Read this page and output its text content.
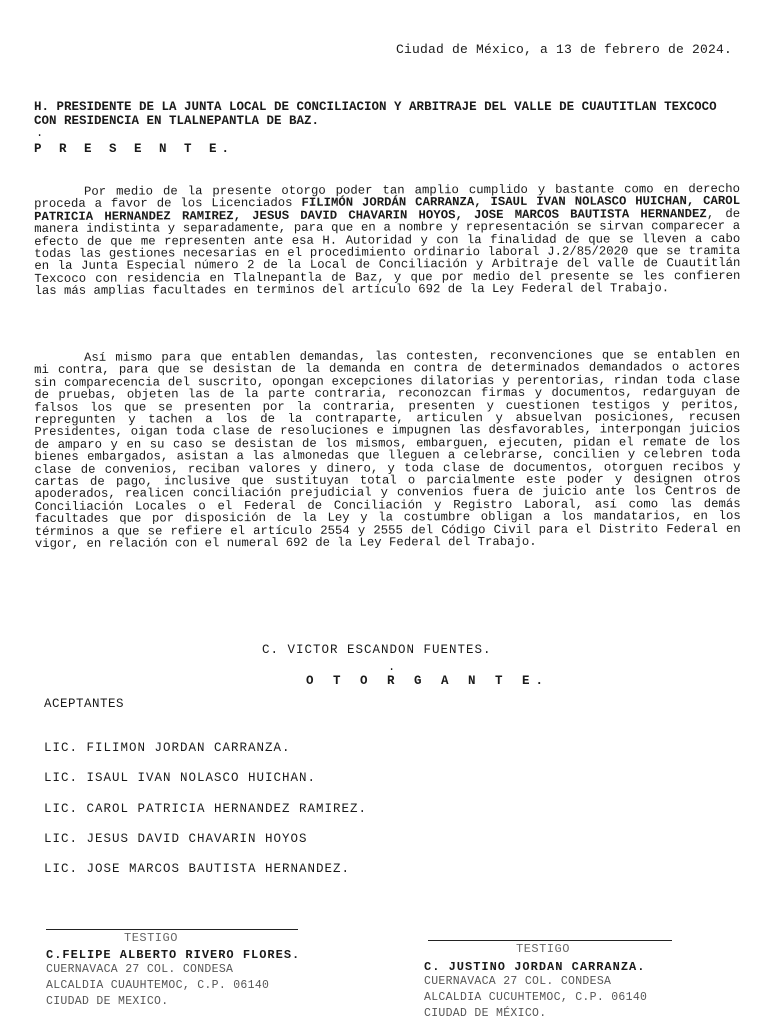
Ciudad de México, a 13 de febrero de 2024.
H. PRESIDENTE DE LA JUNTA LOCAL DE CONCILIACION Y ARBITRAJE DEL VALLE DE CUAUTITLAN TEXCOCO CON RESIDENCIA EN TLALNEPANTLA DE BAZ.
.
P R E S E N T E.

Por medio de la presente otorgo poder tan amplio cumplido y bastante como en derecho proceda a favor de los Licenciados FILIMÓN JORDÁN CARRANZA, ISAUL IVAN NOLASCO HUICHAN, CAROL PATRICIA HERNANDEZ RAMIREZ, JESUS DAVID CHAVARIN HOYOS, JOSE MARCOS BAUTISTA HERNANDEZ, de manera indistinta y separadamente, para que en a nombre y representación se sirvan comparecer a efecto de que me representen ante esa H. Autoridad y con la finalidad de que se lleven a cabo todas las gestiones necesarias en el procedimiento ordinario laboral J.2/85/2020 que se tramita en la Junta Especial número 2 de la Local de Conciliación y Arbitraje del valle de Cuautitlán Texcoco con residencia en Tlalnepantla de Baz, y que por medio del presente se les confieren las más amplias facultades en terminos del artículo 692 de la Ley Federal del Trabajo.

Así mismo para que entablen demandas, las contesten, reconvenciones que se entablen en mi contra, para que se desistan de la demanda en contra de determinados demandados o actores sin comparecencia del suscrito, opongan excepciones dilatorias y perentorias, rindan toda clase de pruebas, objeten las de la parte contraria, reconozcan firmas y documentos, redarguyan de falsos los que se presenten por la contraria, presenten y cuestionen testigos y peritos, repregunten y tachen a los de la contraparte, articulen y absuelvan posiciones, recusen Presidentes, oigan toda clase de resoluciones e impugnen las desfavorables, interpongan juicios de amparo y en su caso se desistan de los mismos, embarguen, ejecuten, pidan el remate de los bienes embargados, asistan a las almonedas que lleguen a celebrarse, concilien y celebren toda clase de convenios, reciban valores y dinero, y toda clase de documentos, otorguen recibos y cartas de pago, inclusive que sustituyan total o parcialmente este poder y designen otros apoderados, realicen conciliación prejudicial y convenios fuera de juicio ante los Centros de Conciliación Locales o el Federal de Conciliación y Registro Laboral, así como las demás facultades que por disposición de la Ley y la costumbre obligan a los mandatarios, en los términos a que se refiere el artículo 2554 y 2555 del Código Civil para el Distrito Federal en vigor, en relación con el numeral 692 de la Ley Federal del Trabajo.

C. VICTOR ESCANDON FUENTES.
.
O T O R G A N T E.
ACEPTANTES
LIC. FILIMON JORDAN CARRANZA.
LIC. ISAUL IVAN NOLASCO HUICHAN.
LIC. CAROL PATRICIA HERNANDEZ RAMIREZ.
LIC. JESUS DAVID CHAVARIN HOYOS
LIC. JOSE MARCOS BAUTISTA HERNANDEZ.
TESTIGO
C.FELIPE ALBERTO RIVERO FLORES.
CUERNAVACA 27 COL. CONDESA
ALCALDIA CUAUHTEMOC, C.P. 06140
CIUDAD DE MEXICO.
TESTIGO
C. JUSTINO JORDAN CARRANZA.
CUERNAVACA 27 COL. CONDESA
ALCALDIA CUCUHTEMOC, C.P. 06140
CIUDAD DE MÉXICO.
